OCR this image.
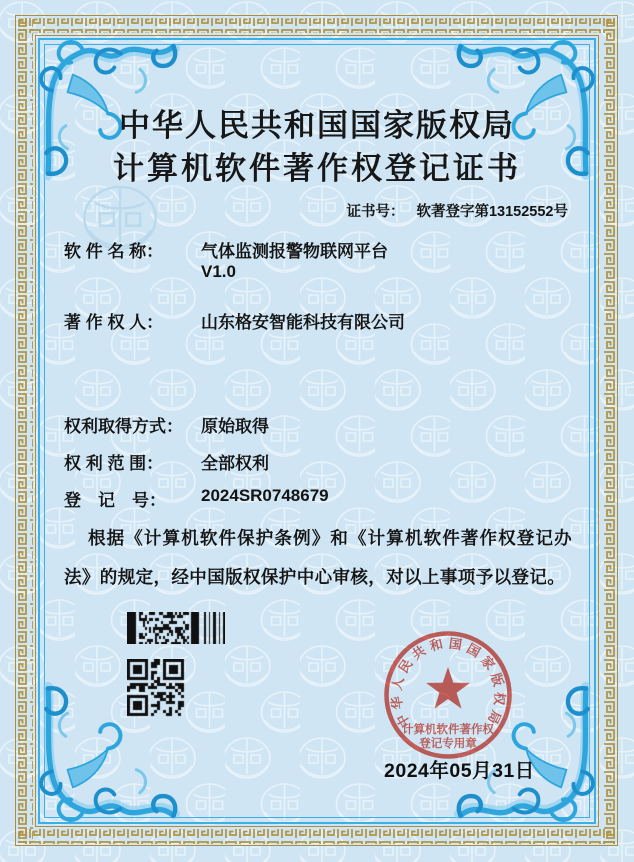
中华人民共和国国家版权局
计算机软件著作权登记证书
证书号： 软著登字第13152552号
软 件 名 称：	气体监测报警物联网平台
V1.0
著 作 权 人：	山东格安智能科技有限公司
权利取得方式：	原始取得
权 利 范 围：	全部权利
登　记　号：	2024SR0748679
根据《计算机软件保护条例》和《计算机软件著作权登记办法》的规定，经中国版权保护中心审核，对以上事项予以登记。
中华人民共和国国家版权局
计算机软件著作权
登记专用章
2024年05月31日
